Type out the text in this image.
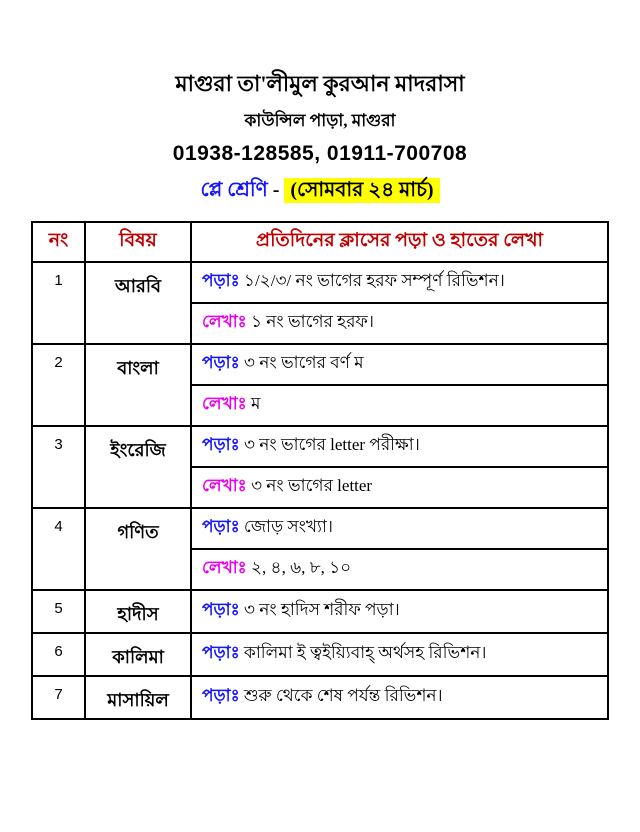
মাগুরা তা'লীমুল কুরআন মাদরাসা
কাউন্সিল পাড়া, মাগুরা
01938-128585, 01911-700708
প্লে শ্রেণি - (সোমবার ২৪ মার্চ)
নং	বিষয়	প্রতিদিনের ক্লাসের পড়া ও হাতের লেখা
1	আরবি	পড়াঃ ১/২/৩/ নং ভাগের হরফ সম্পূর্ণ রিভিশন।
		লেখাঃ ১ নং ভাগের হরফ।
2	বাংলা	পড়াঃ ৩ নং ভাগের বর্ণ ম
		লেখাঃ ম
3	ইংরেজি	পড়াঃ ৩ নং ভাগের letter পরীক্ষা।
		লেখাঃ ৩ নং ভাগের letter
4	গণিত	পড়াঃ জোড় সংখ্যা।
		লেখাঃ ২, ৪, ৬, ৮, ১০
5	হাদীস	পড়াঃ ৩ নং হাদিস শরীফ পড়া।
6	কালিমা	পড়াঃ কালিমা ই ত্বইয়্যিবাহ্ অর্থসহ রিভিশন।
7	মাসায়িল	পড়াঃ শুরু থেকে শেষ পর্যন্ত রিভিশন।
